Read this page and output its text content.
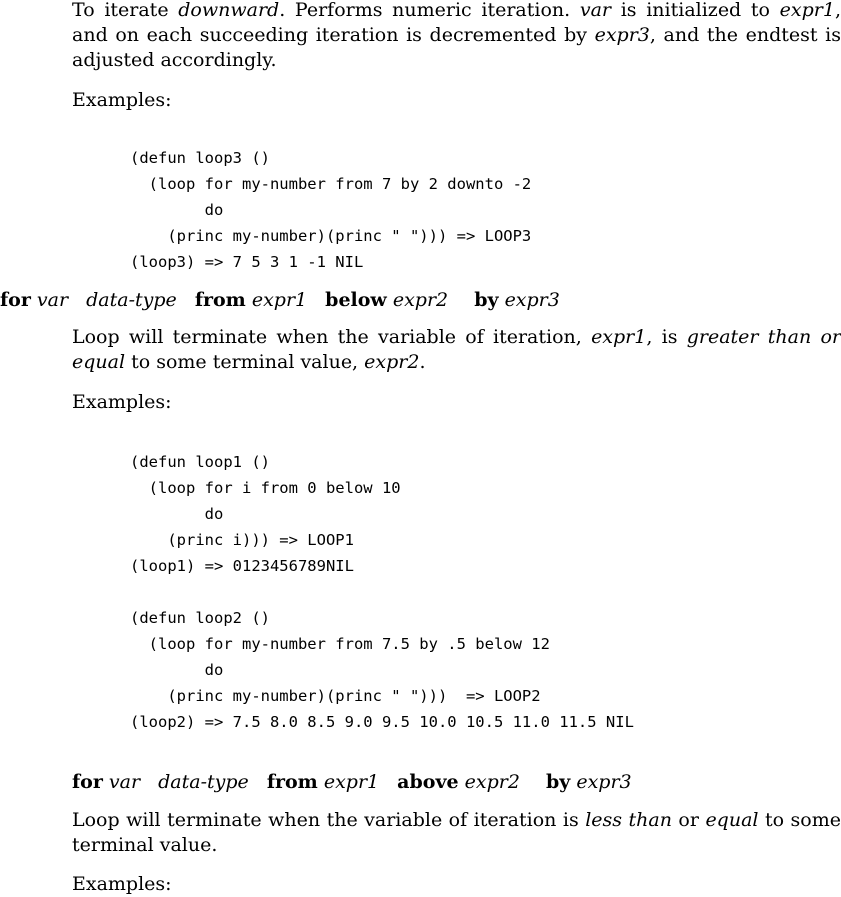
To iterate downward. Performs numeric iteration. var is initialized to expr1, and on each succeeding iteration is decremented by expr3, and the endtest is adjusted accordingly.

Examples:

(defun loop3 ()
(loop for my-number from 7 by 2 downto -2
do
(princ my-number)(princ " "))) => LOOP3
(loop3) => 7 5 3 1 -1 NIL

for var data-type from expr1 below expr2 by expr3

Loop will terminate when the variable of iteration, expr1, is greater than or equal to some terminal value, expr2.

Examples:

(defun loop1 ()
(loop for i from 0 below 10
do
(princ i))) => LOOP1
(loop1) => 0123456789NIL
(defun loop2 ()
(loop for my-number from 7.5 by .5 below 12
do
(princ my-number)(princ " ")))  => LOOP2
(loop2) => 7.5 8.0 8.5 9.0 9.5 10.0 10.5 11.0 11.5 NIL

for var data-type from expr1 above expr2 by expr3

Loop will terminate when the variable of iteration is less than or equal to some terminal value.

Examples:
